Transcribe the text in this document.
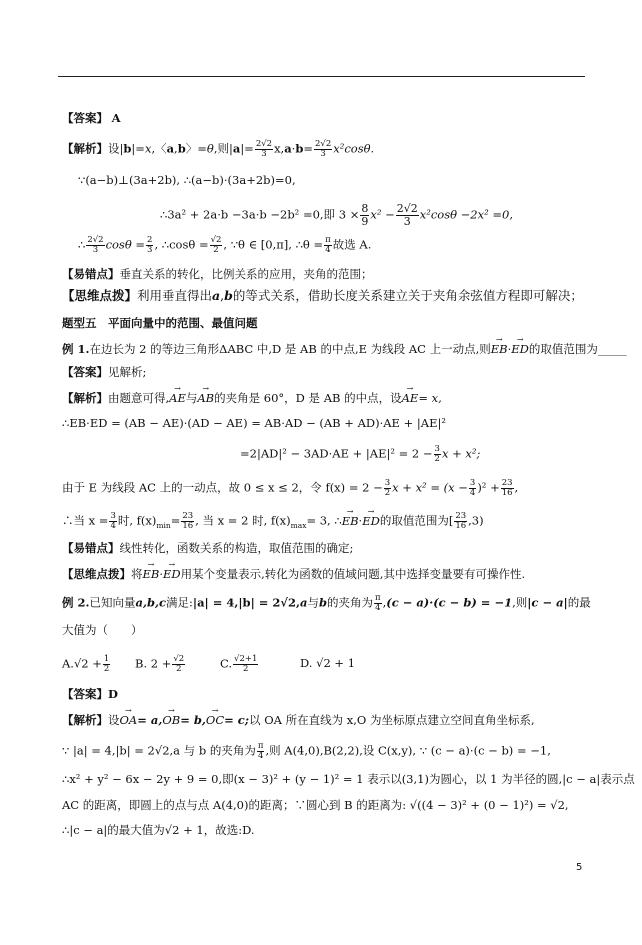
【答案】 A
【解析】设|b|=x,〈a,b〉=θ,则$|a|= \frac{2√2}{3} x,a\cdot b= \frac{2√2}{3} x^2\cos\theta$.
∵(a−b)⊥(3a+2b), ∴(a−b)·(3a+2b)=0,
∴3a² + 2a·b −3a·b −2b² =0,即 $3 \times \frac{8}{9} x^2 - \frac{2√2}{3} x^2\cos\theta -2x^2 =0$,
∴ $\frac{2√2}{3}$ $\cos\theta = \frac{2}{3}$ , ∴cosθ = $\frac{√2}{2}$ , ∵θ ∈ [0,π], ∴θ = $\frac{\pi}{4}$ 故选 A.
【易错点】垂直关系的转化，比例关系的应用，夹角的范围；
【思维点拨】利用垂直得出a,b的等式关系，借助长度关系建立关于夹角余弦值方程即可解决；
题型五　平面向量中的范围、最值问题
例 1.在边长为 2 的等边三角形ΔABC 中,D 是 AB 的中点,E 为线段 AC 上一动点,则→ EB·→ ED的取值范围为_____
【答案】见解析;
【解析】由题意可得,→ AE与→ AB的夹角是 60°，D 是 AB 的中点，设→ AE= x,
∴EB·ED = (AB − AE)·(AD − AE) = AB·AD − (AB + AD)·AE + |AE|²
$=2|AD|^2 - 3AD\cdot AE + |AE|^2 = 2 - \frac{3}{2}$ x + x²;
由于 E 为线段 AC 上的一动点，故 0 ≤ x ≤ 2，令 $f(x) = 2 - \frac{3}{2}$ $x + x^2 = (x - \frac{3}{4} )^2 + \frac{23}{16}$ ,
∴当 $x = \frac{3}{4}$ 时, $f(x)_{min}= \frac{23}{16}$ , 当 x = 2 时, $f(x)_{max}= 3$, ∴→ EB·→ ED的取值范围为[ $\frac{23}{16} ,3$)
【易错点】线性转化，函数关系的构造，取值范围的确定;
【思维点拨】将→ EB·→ ED用某个变量表示,转化为函数的值域问题,其中选择变量要有可操作性.
例 2.已知向量a,b,c满足:|a| = 4,|b| = 2√2,a与b的夹角为 $\frac{\pi}{4} ,(c - a)\cdot(c - b) = -1$,则|c − a|的最
大值为（　　）
$A.√2 + \frac{1}{2} B$. $2 + \frac{√2}{2}$	C. $\frac{√2+1}{2}$	D. √2 + 1
【答案】D
【解析】设→ OA= a,→ OB= b,→ OC= c;以 OA 所在直线为 x,O 为坐标原点建立空间直角坐标系,
∵ |a| = 4,|b| = 2√2,a 与 b 的夹角为 $\frac{\pi}{4}$ ,则 A(4,0),B(2,2),设 C(x,y), ∵ (c − a)·(c − b) = −1,
∴x² + y² − 6x − 2y + 9 = 0,即(x − 3)² + (y − 1)² = 1 表示以(3,1)为圆心，以 1 为半径的圆,|c − a|表示点
AC 的距离，即圆上的点与点 A(4,0)的距离；∵圆心到 B 的距离为: √((4 − 3)² + (0 − 1)²) = √2,
∴|c − a|的最大值为√2 + 1，故选:D.
5
